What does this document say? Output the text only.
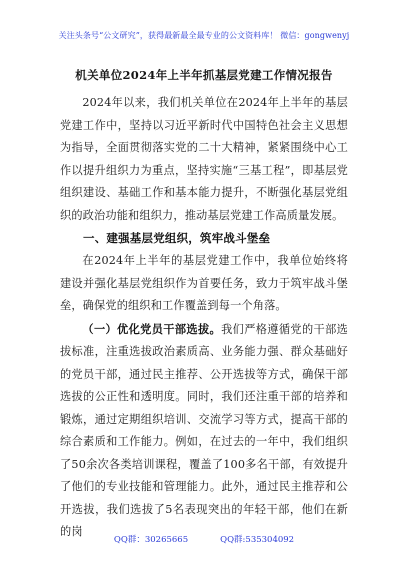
关注头条号“公文研究”，获得最新最全最专业的公文资料库！ 微信：gongwenyj
机关单位2024年上半年抓基层党建工作情况报告

2024年以来，我们机关单位在2024年上半年的基层党建工作中，坚持以习近平新时代中国特色社会主义思想为指导，全面贯彻落实党的二十大精神，紧紧围绕中心工作以提升组织力为重点，坚持实施“三基工程”，即基层党组织建设、基础工作和基本能力提升，不断强化基层党组织的政治功能和组织力，推动基层党建工作高质量发展。

一、建强基层党组织，筑牢战斗堡垒

在2024年上半年的基层党建工作中，我单位始终将建设并强化基层党组织作为首要任务，致力于筑牢战斗堡垒，确保党的组织和工作覆盖到每一个角落。

（一）优化党员干部选拔。我们严格遵循党的干部选拔标准，注重选拔政治素质高、业务能力强、群众基础好的党员干部，通过民主推荐、公开选拔等方式，确保干部选拔的公正性和透明度。同时，我们还注重干部的培养和锻炼，通过定期组织培训、交流学习等方式，提高干部的综合素质和工作能力。例如，在过去的一年中，我们组织了50余次各类培训课程，覆盖了100多名干部，有效提升了他们的专业技能和管理能力。此外，通过民主推荐和公开选拔，我们选拔了5名表现突出的年轻干部，他们在新的岗

QQ群：30265665	QQ群:535304092
